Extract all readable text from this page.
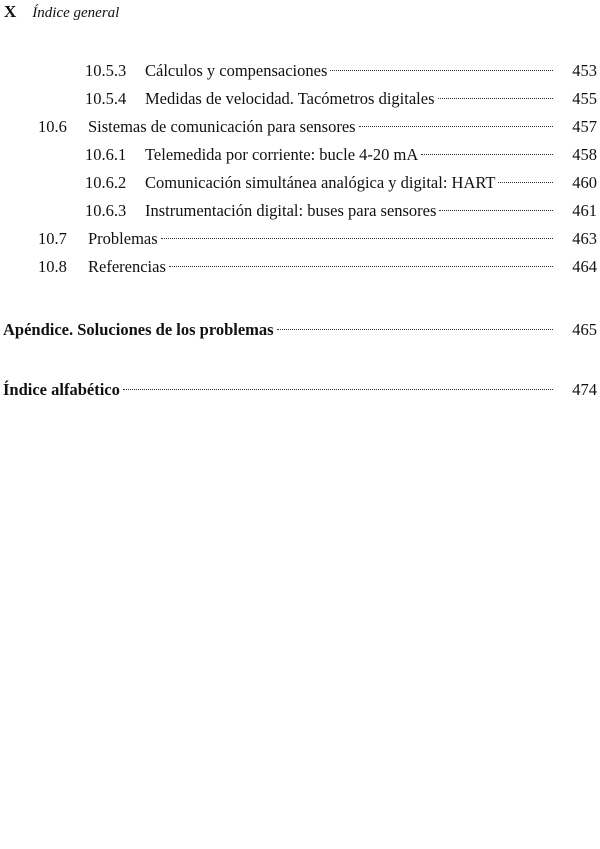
X Índice general
10.5.3	Cálculos y compensaciones	453
10.5.4	Medidas de velocidad. Tacómetros digitales	455
10.6	Sistemas de comunicación para sensores	457
10.6.1	Telemedida por corriente: bucle 4-20 mA	458
10.6.2	Comunicación simultánea analógica y digital: HART	460
10.6.3	Instrumentación digital: buses para sensores	461
10.7	Problemas	463
10.8	Referencias	464
Apéndice. Soluciones de los problemas	465
Índice alfabético	474
